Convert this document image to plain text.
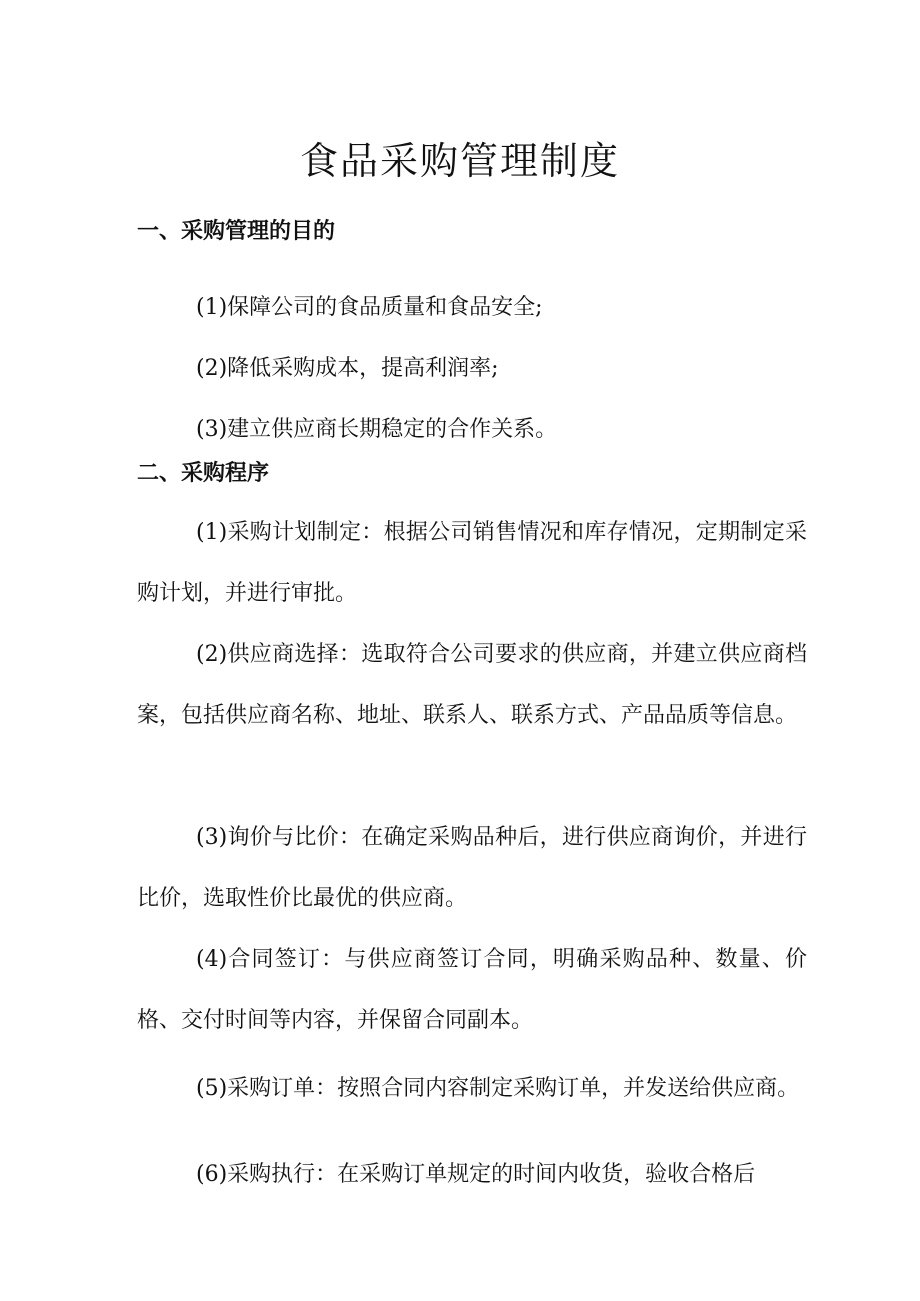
食品采购管理制度
一、采购管理的目的

(1)保障公司的食品质量和食品安全;

(2)降低采购成本，提高利润率;

(3)建立供应商长期稳定的合作关系。

二、采购程序

(1)采购计划制定：根据公司销售情况和库存情况，定期制定采购计划，并进行审批。

(2)供应商选择：选取符合公司要求的供应商，并建立供应商档案，包括供应商名称、地址、联系人、联系方式、产品品质等信息。

(3)询价与比价：在确定采购品种后，进行供应商询价，并进行比价，选取性价比最优的供应商。

(4)合同签订：与供应商签订合同，明确采购品种、数量、价格、交付时间等内容，并保留合同副本。

(5)采购订单：按照合同内容制定采购订单，并发送给供应商。

(6)采购执行：在采购订单规定的时间内收货，验收合格后
